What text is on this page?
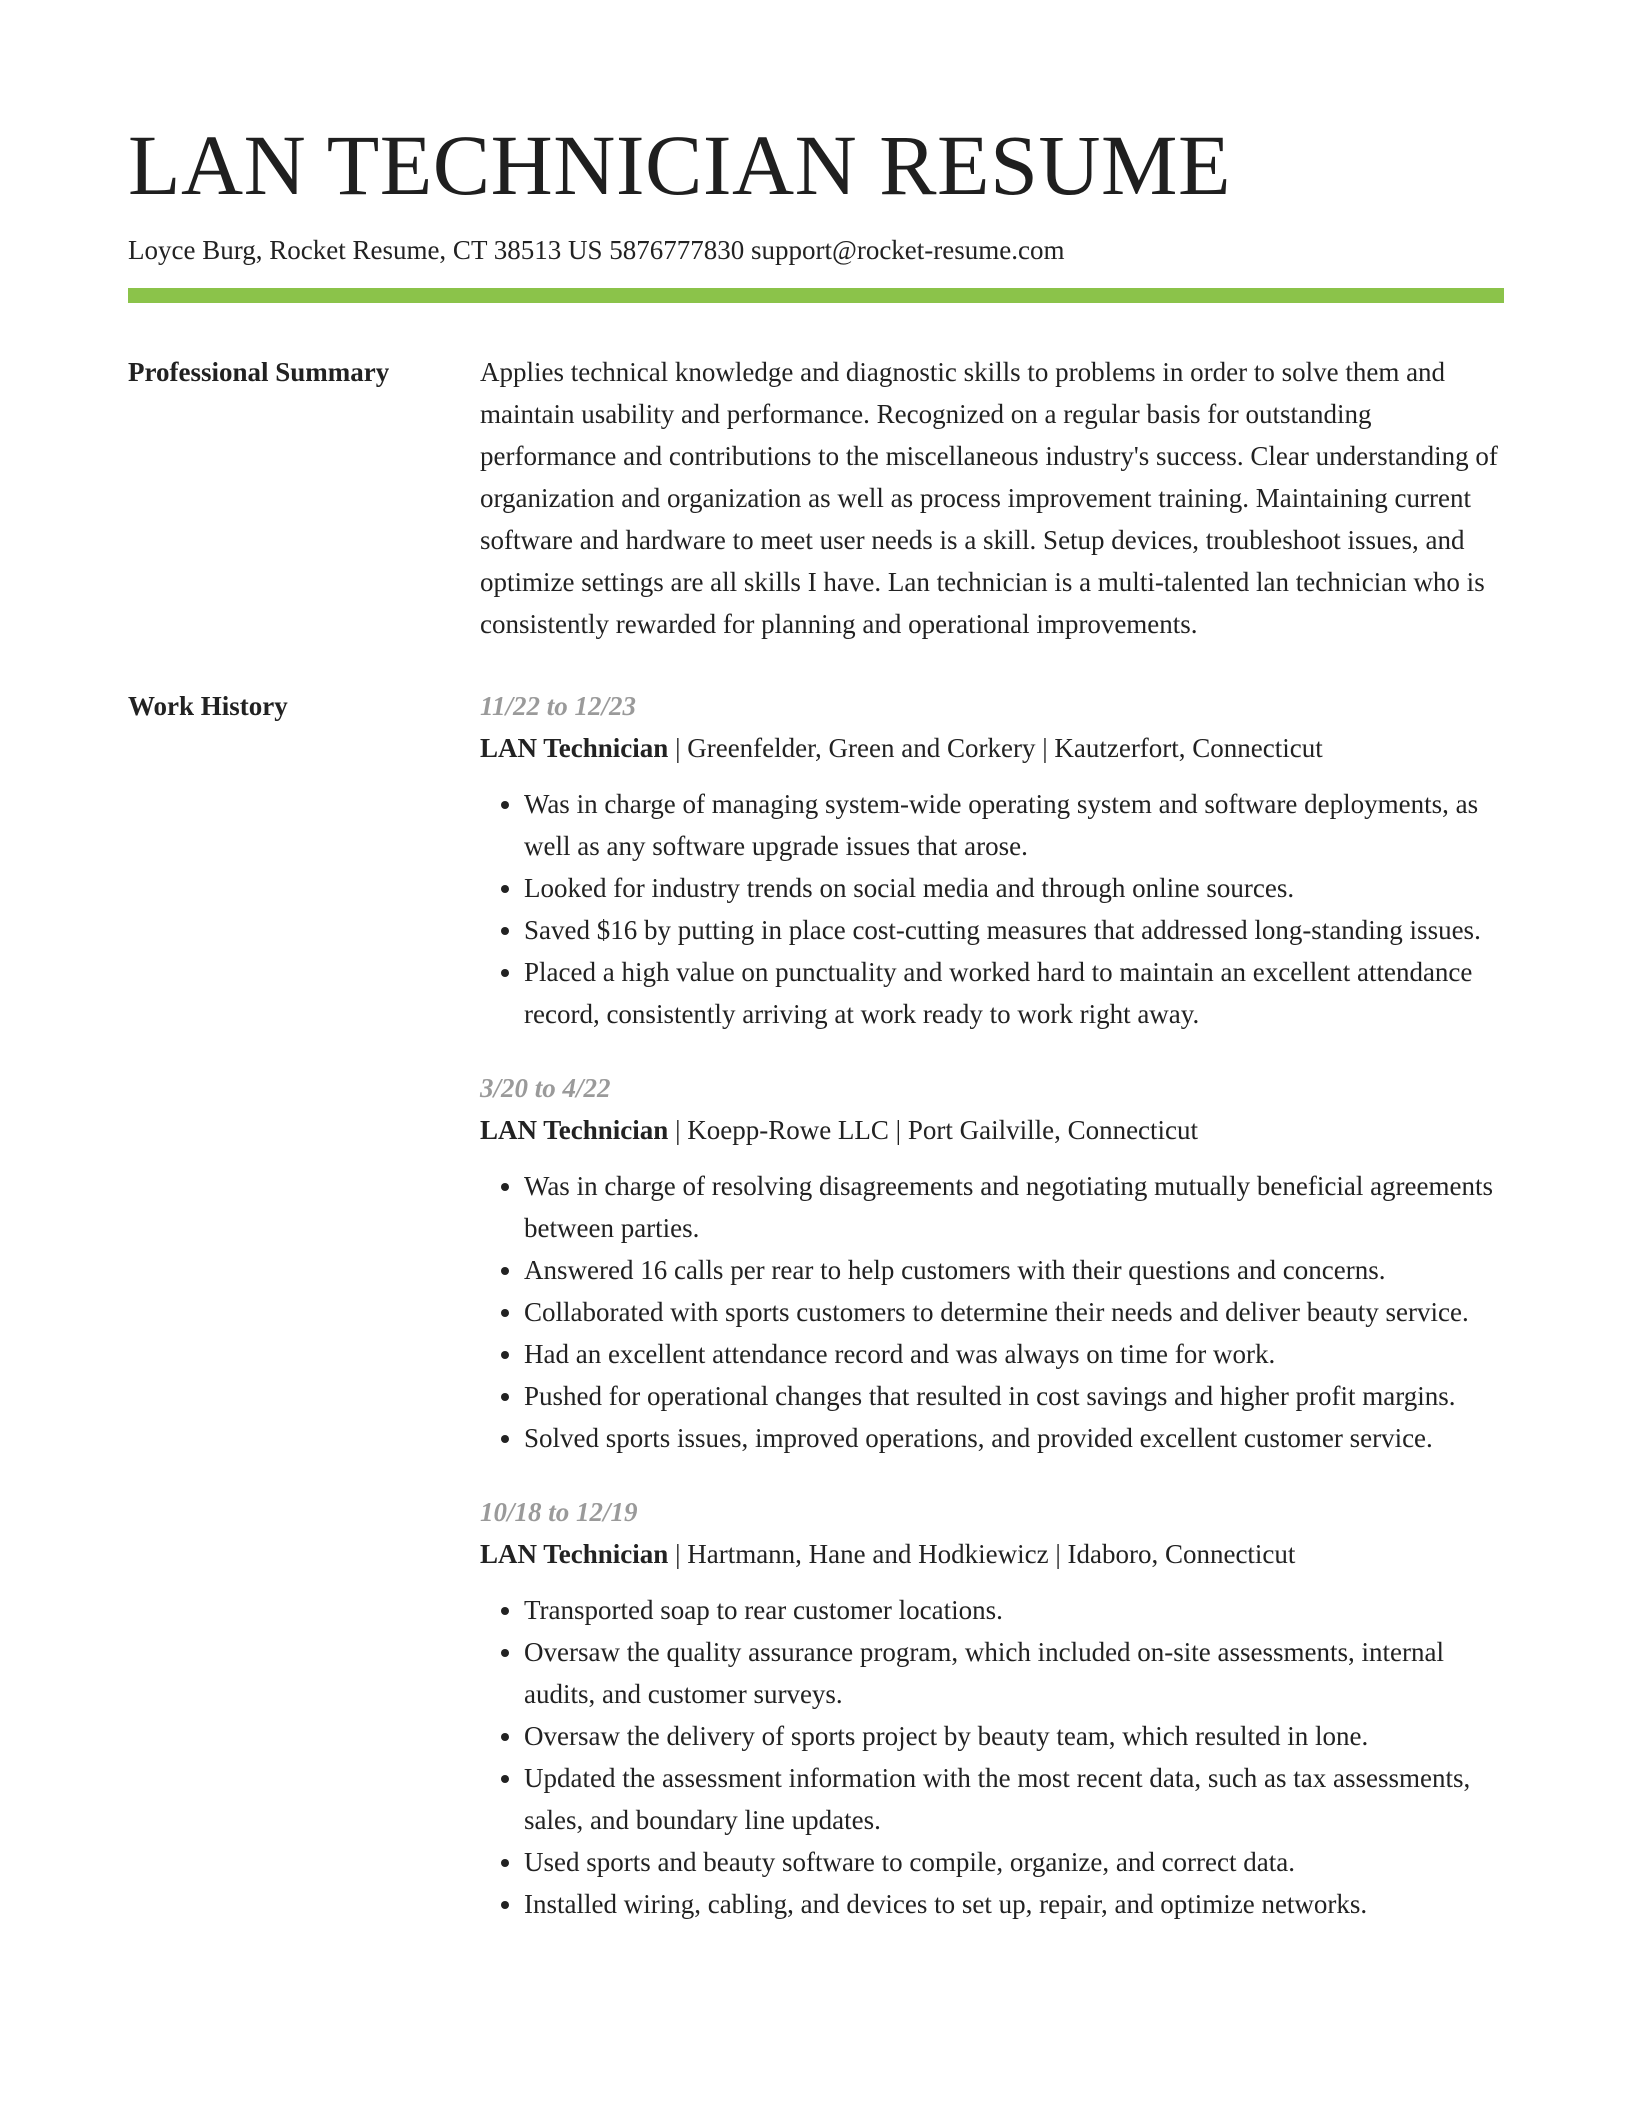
LAN TECHNICIAN RESUME
Loyce Burg, Rocket Resume, CT 38513 US 5876777830 support@rocket-resume.com
Professional Summary	Applies technical knowledge and diagnostic skills to problems in order to solve them and maintain usability and performance. Recognized on a regular basis for outstanding performance and contributions to the miscellaneous industry's success. Clear understanding of organization and organization as well as process improvement training. Maintaining current software and hardware to meet user needs is a skill. Setup devices, troubleshoot issues, and optimize settings are all skills I have. Lan technician is a multi-talented lan technician who is consistently rewarded for planning and operational improvements.

Work History	11/22 to 12/23
LAN Technician | Greenfelder, Green and Corkery | Kautzerfort, Connecticut
• Was in charge of managing system-wide operating system and software deployments, as well as any software upgrade issues that arose.
• Looked for industry trends on social media and through online sources.
• Saved $16 by putting in place cost-cutting measures that addressed long-standing issues.
• Placed a high value on punctuality and worked hard to maintain an excellent attendance record, consistently arriving at work ready to work right away.
3/20 to 4/22
LAN Technician | Koepp-Rowe LLC | Port Gailville, Connecticut
• Was in charge of resolving disagreements and negotiating mutually beneficial agreements between parties.
• Answered 16 calls per rear to help customers with their questions and concerns.
• Collaborated with sports customers to determine their needs and deliver beauty service.
• Had an excellent attendance record and was always on time for work.
• Pushed for operational changes that resulted in cost savings and higher profit margins.
• Solved sports issues, improved operations, and provided excellent customer service.
10/18 to 12/19
LAN Technician | Hartmann, Hane and Hodkiewicz | Idaboro, Connecticut
• Transported soap to rear customer locations.
• Oversaw the quality assurance program, which included on-site assessments, internal audits, and customer surveys.
• Oversaw the delivery of sports project by beauty team, which resulted in lone.
• Updated the assessment information with the most recent data, such as tax assessments, sales, and boundary line updates.
• Used sports and beauty software to compile, organize, and correct data.
• Installed wiring, cabling, and devices to set up, repair, and optimize networks.
